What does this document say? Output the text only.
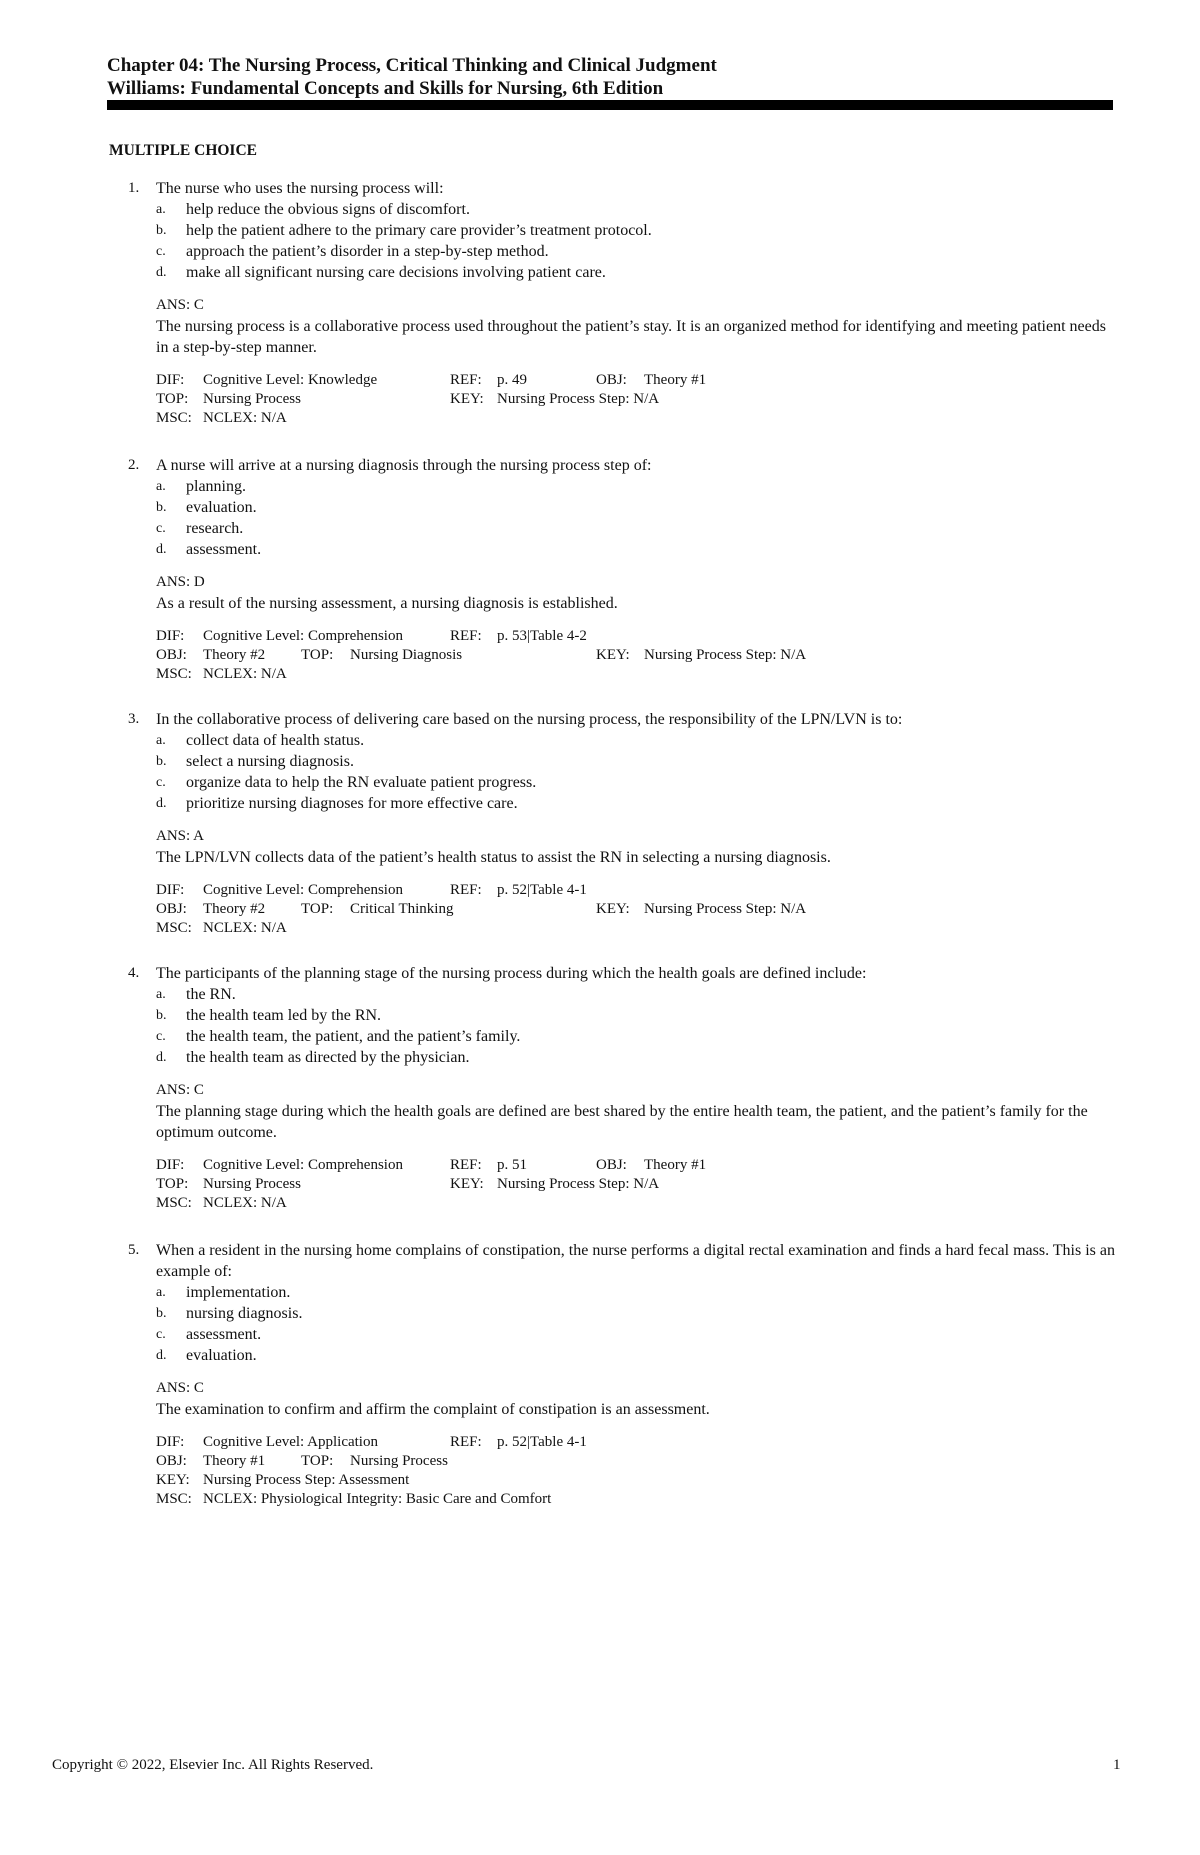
Chapter 04: The Nursing Process, Critical Thinking and Clinical Judgment
Williams: Fundamental Concepts and Skills for Nursing, 6th Edition
MULTIPLE CHOICE
1. The nurse who uses the nursing process will:
a. help reduce the obvious signs of discomfort.
b. help the patient adhere to the primary care provider’s treatment protocol.
c. approach the patient’s disorder in a step-by-step method.
d. make all significant nursing care decisions involving patient care.
ANS: C
The nursing process is a collaborative process used throughout the patient’s stay. It is an organized method for identifying and meeting patient needs in a step-by-step manner.
DIF: Cognitive Level: Knowledge	REF: p. 49	OBJ: Theory #1
TOP: Nursing Process	KEY: Nursing Process Step: N/A
MSC: NCLEX: N/A
2. A nurse will arrive at a nursing diagnosis through the nursing process step of:
a. planning.
b. evaluation.
c. research.
d. assessment.
ANS: D
As a result of the nursing assessment, a nursing diagnosis is established.
DIF: Cognitive Level: Comprehension	REF: p. 53|Table 4-2
OBJ: Theory #2 TOP: Nursing Diagnosis	KEY: Nursing Process Step: N/A
MSC: NCLEX: N/A
3. In the collaborative process of delivering care based on the nursing process, the responsibility of the LPN/LVN is to:
a. collect data of health status.
b. select a nursing diagnosis.
c. organize data to help the RN evaluate patient progress.
d. prioritize nursing diagnoses for more effective care.
ANS: A
The LPN/LVN collects data of the patient’s health status to assist the RN in selecting a nursing diagnosis.
DIF: Cognitive Level: Comprehension	REF: p. 52|Table 4-1
OBJ: Theory #2 TOP: Critical Thinking	KEY: Nursing Process Step: N/A
MSC: NCLEX: N/A
4. The participants of the planning stage of the nursing process during which the health goals are defined include:
a. the RN.
b. the health team led by the RN.
c. the health team, the patient, and the patient’s family.
d. the health team as directed by the physician.
ANS: C
The planning stage during which the health goals are defined are best shared by the entire health team, the patient, and the patient’s family for the optimum outcome.
DIF: Cognitive Level: Comprehension	REF: p. 51	OBJ: Theory #1
TOP: Nursing Process	KEY: Nursing Process Step: N/A
MSC: NCLEX: N/A
5. When a resident in the nursing home complains of constipation, the nurse performs a digital rectal examination and finds a hard fecal mass. This is an example of:
a. implementation.
b. nursing diagnosis.
c. assessment.
d. evaluation.
ANS: C
The examination to confirm and affirm the complaint of constipation is an assessment.
DIF: Cognitive Level: Application	REF: p. 52|Table 4-1
OBJ: Theory #1 TOP: Nursing Process
KEY: Nursing Process Step: Assessment
MSC: NCLEX: Physiological Integrity: Basic Care and Comfort
Copyright © 2022, Elsevier Inc. All Rights Reserved.	1
